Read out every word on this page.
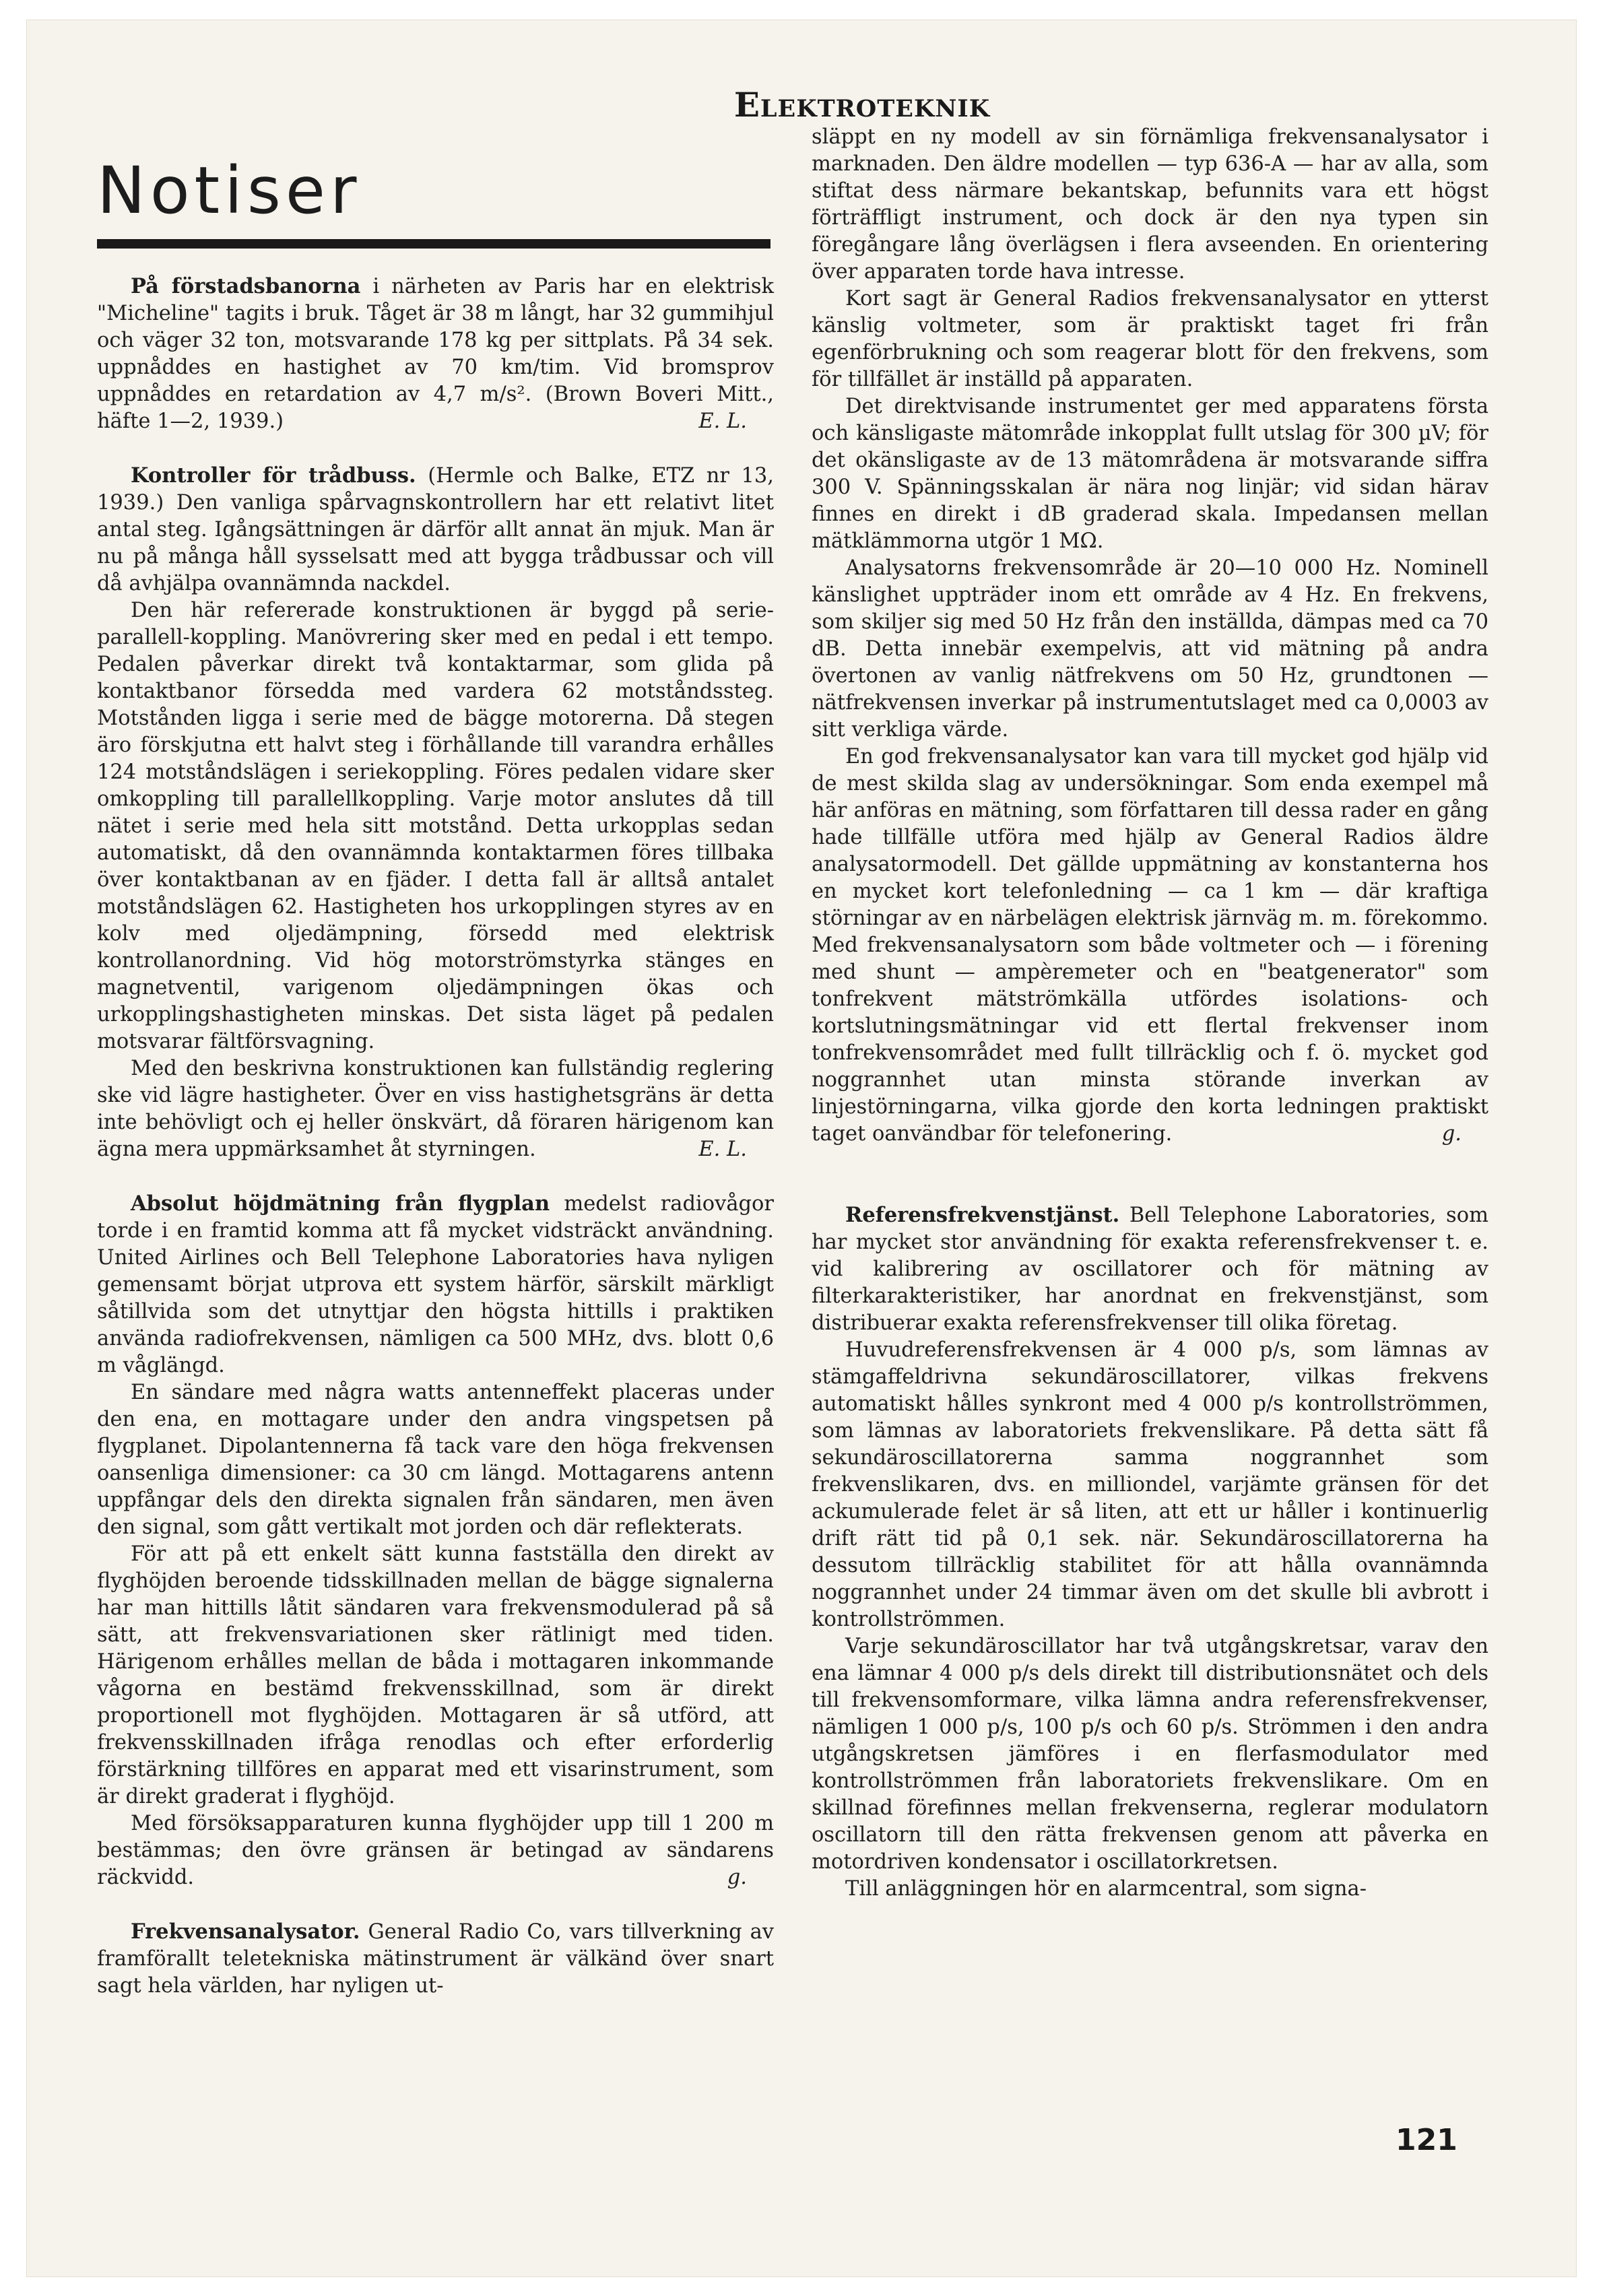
Elektroteknik
Notiser

På förstadsbanorna i närheten av Paris har en elektrisk "Micheline" tagits i bruk. Tåget är 38 m långt, har 32 gummihjul och väger 32 ton, motsvarande 178 kg per sittplats. På 34 sek. uppnåddes en hastighet av 70 km/tim. Vid bromsprov uppnåddes en retardation av 4,7 m/s². (Brown Boveri Mitt., häfte 1—2, 1939.)	E. L.

Kontroller för trådbuss. (Hermle och Balke, ETZ nr 13, 1939.) Den vanliga spårvagnskontrollern har ett relativt litet antal steg. Igångsättningen är därför allt annat än mjuk. Man är nu på många håll sysselsatt med att bygga trådbussar och vill då avhjälpa ovannämnda nackdel.

Den här refererade konstruktionen är byggd på serie-parallell-koppling. Manövrering sker med en pedal i ett tempo. Pedalen påverkar direkt två kontaktarmar, som glida på kontaktbanor försedda med vardera 62 motståndssteg. Motstånden ligga i serie med de bägge motorerna. Då stegen äro förskjutna ett halvt steg i förhållande till varandra erhålles 124 motståndslägen i seriekoppling. Föres pedalen vidare sker omkoppling till parallellkoppling. Varje motor anslutes då till nätet i serie med hela sitt motstånd. Detta urkopplas sedan automatiskt, då den ovannämnda kontaktarmen föres tillbaka över kontaktbanan av en fjäder. I detta fall är alltså antalet motståndslägen 62. Hastigheten hos urkopplingen styres av en kolv med oljedämpning, försedd med elektrisk kontrollanordning. Vid hög motorströmstyrka stänges en magnetventil, varigenom oljedämpningen ökas och urkopplingshastigheten minskas. Det sista läget på pedalen motsvarar fältförsvagning.

Med den beskrivna konstruktionen kan fullständig reglering ske vid lägre hastigheter. Över en viss hastighetsgräns är detta inte behövligt och ej heller önskvärt, då föraren härigenom kan ägna mera uppmärksamhet åt styrningen.	E. L.

Absolut höjdmätning från flygplan medelst radiovågor torde i en framtid komma att få mycket vidsträckt användning. United Airlines och Bell Telephone Laboratories hava nyligen gemensamt börjat utprova ett system härför, särskilt märkligt såtillvida som det utnyttjar den högsta hittills i praktiken använda radiofrekvensen, nämligen ca 500 MHz, dvs. blott 0,6 m våglängd.

En sändare med några watts antenneffekt placeras under den ena, en mottagare under den andra vingspetsen på flygplanet. Dipolantennerna få tack vare den höga frekvensen oansenliga dimensioner: ca 30 cm längd. Mottagarens antenn uppfångar dels den direkta signalen från sändaren, men även den signal, som gått vertikalt mot jorden och där reflekterats.

För att på ett enkelt sätt kunna fastställa den direkt av flyghöjden beroende tidsskillnaden mellan de bägge signalerna har man hittills låtit sändaren vara frekvensmodulerad på så sätt, att frekvensvariationen sker rätlinigt med tiden. Härigenom erhålles mellan de båda i mottagaren inkommande vågorna en bestämd frekvensskillnad, som är direkt proportionell mot flyghöjden. Mottagaren är så utförd, att frekvensskillnaden ifråga renodlas och efter erforderlig förstärkning tillföres en apparat med ett visarinstrument, som är direkt graderat i flyghöjd.

Med försöksapparaturen kunna flyghöjder upp till 1 200 m bestämmas; den övre gränsen är betingad av sändarens räckvidd.	g.

Frekvensanalysator. General Radio Co, vars tillverkning av framförallt teletekniska mätinstrument är välkänd över snart sagt hela världen, har nyligen ut-

släppt en ny modell av sin förnämliga frekvensanalysator i marknaden. Den äldre modellen — typ 636-A — har av alla, som stiftat dess närmare bekantskap, befunnits vara ett högst förträffligt instrument, och dock är den nya typen sin föregångare lång överlägsen i flera avseenden. En orientering över apparaten torde hava intresse.

Kort sagt är General Radios frekvensanalysator en ytterst känslig voltmeter, som är praktiskt taget fri från egenförbrukning och som reagerar blott för den frekvens, som för tillfället är inställd på apparaten.

Det direktvisande instrumentet ger med apparatens första och känsligaste mätområde inkopplat fullt utslag för 300 µV; för det okänsligaste av de 13 mätområdena är motsvarande siffra 300 V. Spänningsskalan är nära nog linjär; vid sidan härav finnes en direkt i dB graderad skala. Impedansen mellan mätklämmorna utgör 1 MΩ.

Analysatorns frekvensområde är 20—10 000 Hz. Nominell känslighet uppträder inom ett område av 4 Hz. En frekvens, som skiljer sig med 50 Hz från den inställda, dämpas med ca 70 dB. Detta innebär exempelvis, att vid mätning på andra övertonen av vanlig nätfrekvens om 50 Hz, grundtonen — nätfrekvensen inverkar på instrumentutslaget med ca 0,0003 av sitt verkliga värde.

En god frekvensanalysator kan vara till mycket god hjälp vid de mest skilda slag av undersökningar. Som enda exempel må här anföras en mätning, som författaren till dessa rader en gång hade tillfälle utföra med hjälp av General Radios äldre analysatormodell. Det gällde uppmätning av konstanterna hos en mycket kort telefonledning — ca 1 km — där kraftiga störningar av en närbelägen elektrisk järnväg m. m. förekommo. Med frekvensanalysatorn som både voltmeter och — i förening med shunt — ampèremeter och en "beatgenerator" som tonfrekvent mätströmkälla utfördes isolations- och kortslutningsmätningar vid ett flertal frekvenser inom tonfrekvensområdet med fullt tillräcklig och f. ö. mycket god noggrannhet utan minsta störande inverkan av linjestörningarna, vilka gjorde den korta ledningen praktiskt taget oanvändbar för telefonering.	g.

Referensfrekvenstjänst. Bell Telephone Laboratories, som har mycket stor användning för exakta referensfrekvenser t. e. vid kalibrering av oscillatorer och för mätning av filterkarakteristiker, har anordnat en frekvenstjänst, som distribuerar exakta referensfrekvenser till olika företag.

Huvudreferensfrekvensen är 4 000 p/s, som lämnas av stämgaffeldrivna sekundäroscillatorer, vilkas frekvens automatiskt hålles synkront med 4 000 p/s kontrollströmmen, som lämnas av laboratoriets frekvenslikare. På detta sätt få sekundäroscillatorerna samma noggrannhet som frekvenslikaren, dvs. en milliondel, varjämte gränsen för det ackumulerade felet är så liten, att ett ur håller i kontinuerlig drift rätt tid på 0,1 sek. när. Sekundäroscillatorerna ha dessutom tillräcklig stabilitet för att hålla ovannämnda noggrannhet under 24 timmar även om det skulle bli avbrott i kontrollströmmen.

Varje sekundäroscillator har två utgångskretsar, varav den ena lämnar 4 000 p/s dels direkt till distributionsnätet och dels till frekvensomformare, vilka lämna andra referensfrekvenser, nämligen 1 000 p/s, 100 p/s och 60 p/s. Strömmen i den andra utgångskretsen jämföres i en flerfasmodulator med kontrollströmmen från laboratoriets frekvenslikare. Om en skillnad förefinnes mellan frekvenserna, reglerar modulatorn oscillatorn till den rätta frekvensen genom att påverka en motordriven kondensator i oscillatorkretsen.

Till anläggningen hör en alarmcentral, som signa-

121
